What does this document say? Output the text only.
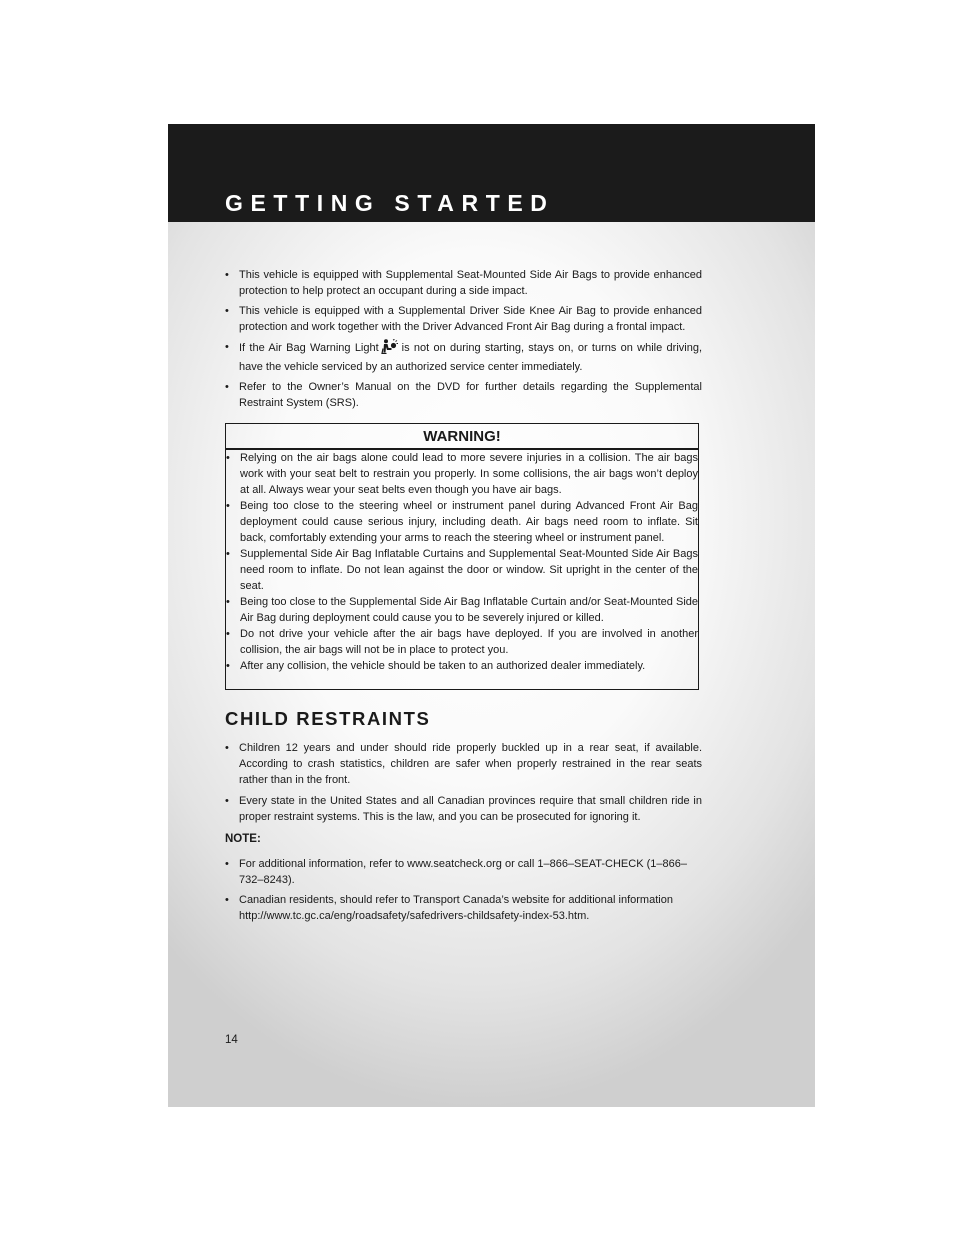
GETTING STARTED
• This vehicle is equipped with Supplemental Seat-Mounted Side Air Bags to provide enhanced protection to help protect an occupant during a side impact.
• This vehicle is equipped with a Supplemental Driver Side Knee Air Bag to provide enhanced protection and work together with the Driver Advanced Front Air Bag during a frontal impact.
• If the Air Bag Warning Light is not on during starting, stays on, or turns on while driving, have the vehicle serviced by an authorized service center immediately.
• Refer to the Owner’s Manual on the DVD for further details regarding the Supplemental Restraint System (SRS).
WARNING!
• Relying on the air bags alone could lead to more severe injuries in a collision. The air bags work with your seat belt to restrain you properly. In some collisions, the air bags won’t deploy at all. Always wear your seat belts even though you have air bags.
• Being too close to the steering wheel or instrument panel during Advanced Front Air Bag deployment could cause serious injury, including death. Air bags need room to inflate. Sit back, comfortably extending your arms to reach the steering wheel or instrument panel.
• Supplemental Side Air Bag Inflatable Curtains and Supplemental Seat-Mounted Side Air Bags need room to inflate. Do not lean against the door or window. Sit upright in the center of the seat.
• Being too close to the Supplemental Side Air Bag Inflatable Curtain and/or Seat-Mounted Side Air Bag during deployment could cause you to be severely injured or killed.
• Do not drive your vehicle after the air bags have deployed. If you are involved in another collision, the air bags will not be in place to protect you.
• After any collision, the vehicle should be taken to an authorized dealer immediately.
CHILD RESTRAINTS
• Children 12 years and under should ride properly buckled up in a rear seat, if available. According to crash statistics, children are safer when properly restrained in the rear seats rather than in the front.
• Every state in the United States and all Canadian provinces require that small children ride in proper restraint systems. This is the law, and you can be prosecuted for ignoring it.
NOTE:
• For additional information, refer to www.seatcheck.org or call 1–866–SEAT-CHECK (1–866–732–8243).
• Canadian residents, should refer to Transport Canada’s website for additional information http://www.tc.gc.ca/eng/roadsafety/safedrivers-childsafety-index-53.htm.
14
